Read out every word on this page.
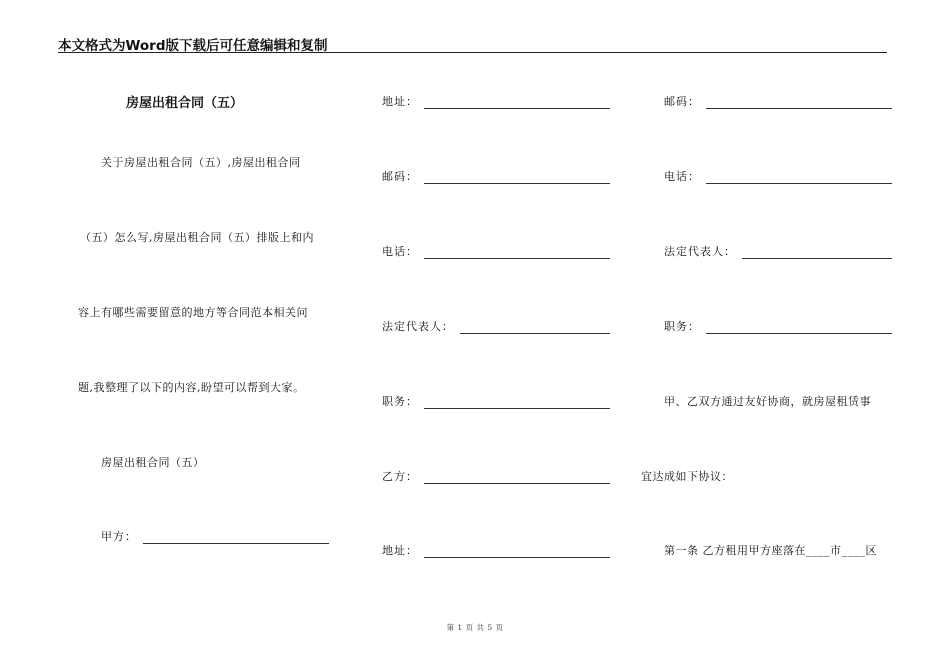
本文格式为Word版下载后可任意编辑和复制
房屋出租合同（五）
关于房屋出租合同（五）,房屋出租合同
（五）怎么写,房屋出租合同（五）排版上和内
容上有哪些需要留意的地方等合同范本相关问
题,我整理了以下的内容,盼望可以帮到大家。
房屋出租合同（五）
甲方：
地址：
邮码：
电话：
法定代表人：
职务：
乙方：
地址：
邮码：
电话：
法定代表人：
职务：
甲、乙双方通过友好协商，就房屋租赁事
宜达成如下协议：
第一条 乙方租用甲方座落在____市____区
第 1 页 共 5 页
